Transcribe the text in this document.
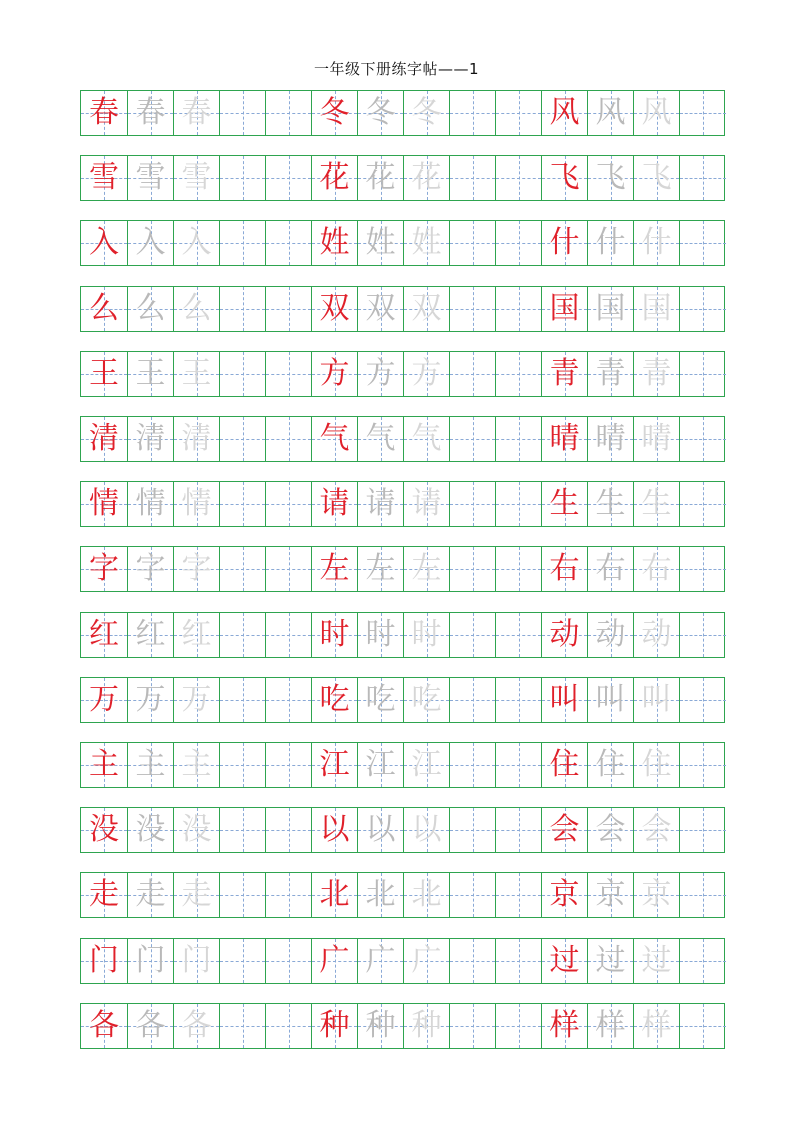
一年级下册练字帖——1
春 春 春	冬 冬 冬	风 风 风
雪 雪 雪	花 花 花	飞 飞 飞
入 入 入	姓 姓 姓	什 什 什
么 么 么	双 双 双	国 国 国
王 王 王	方 方 方	青 青 青
清 清 清	气 气 气	晴 晴 晴
情 情 情	请 请 请	生 生 生
字 字 字	左 左 左	右 右 右
红 红 红	时 时 时	动 动 动
万 万 万	吃 吃 吃	叫 叫 叫
主 主 主	江 江 江	住 住 住
没 没 没	以 以 以	会 会 会
走 走 走	北 北 北	京 京 京
门 门 门	广 广 广	过 过 过
各 各 各	种 种 种	样 样 样
